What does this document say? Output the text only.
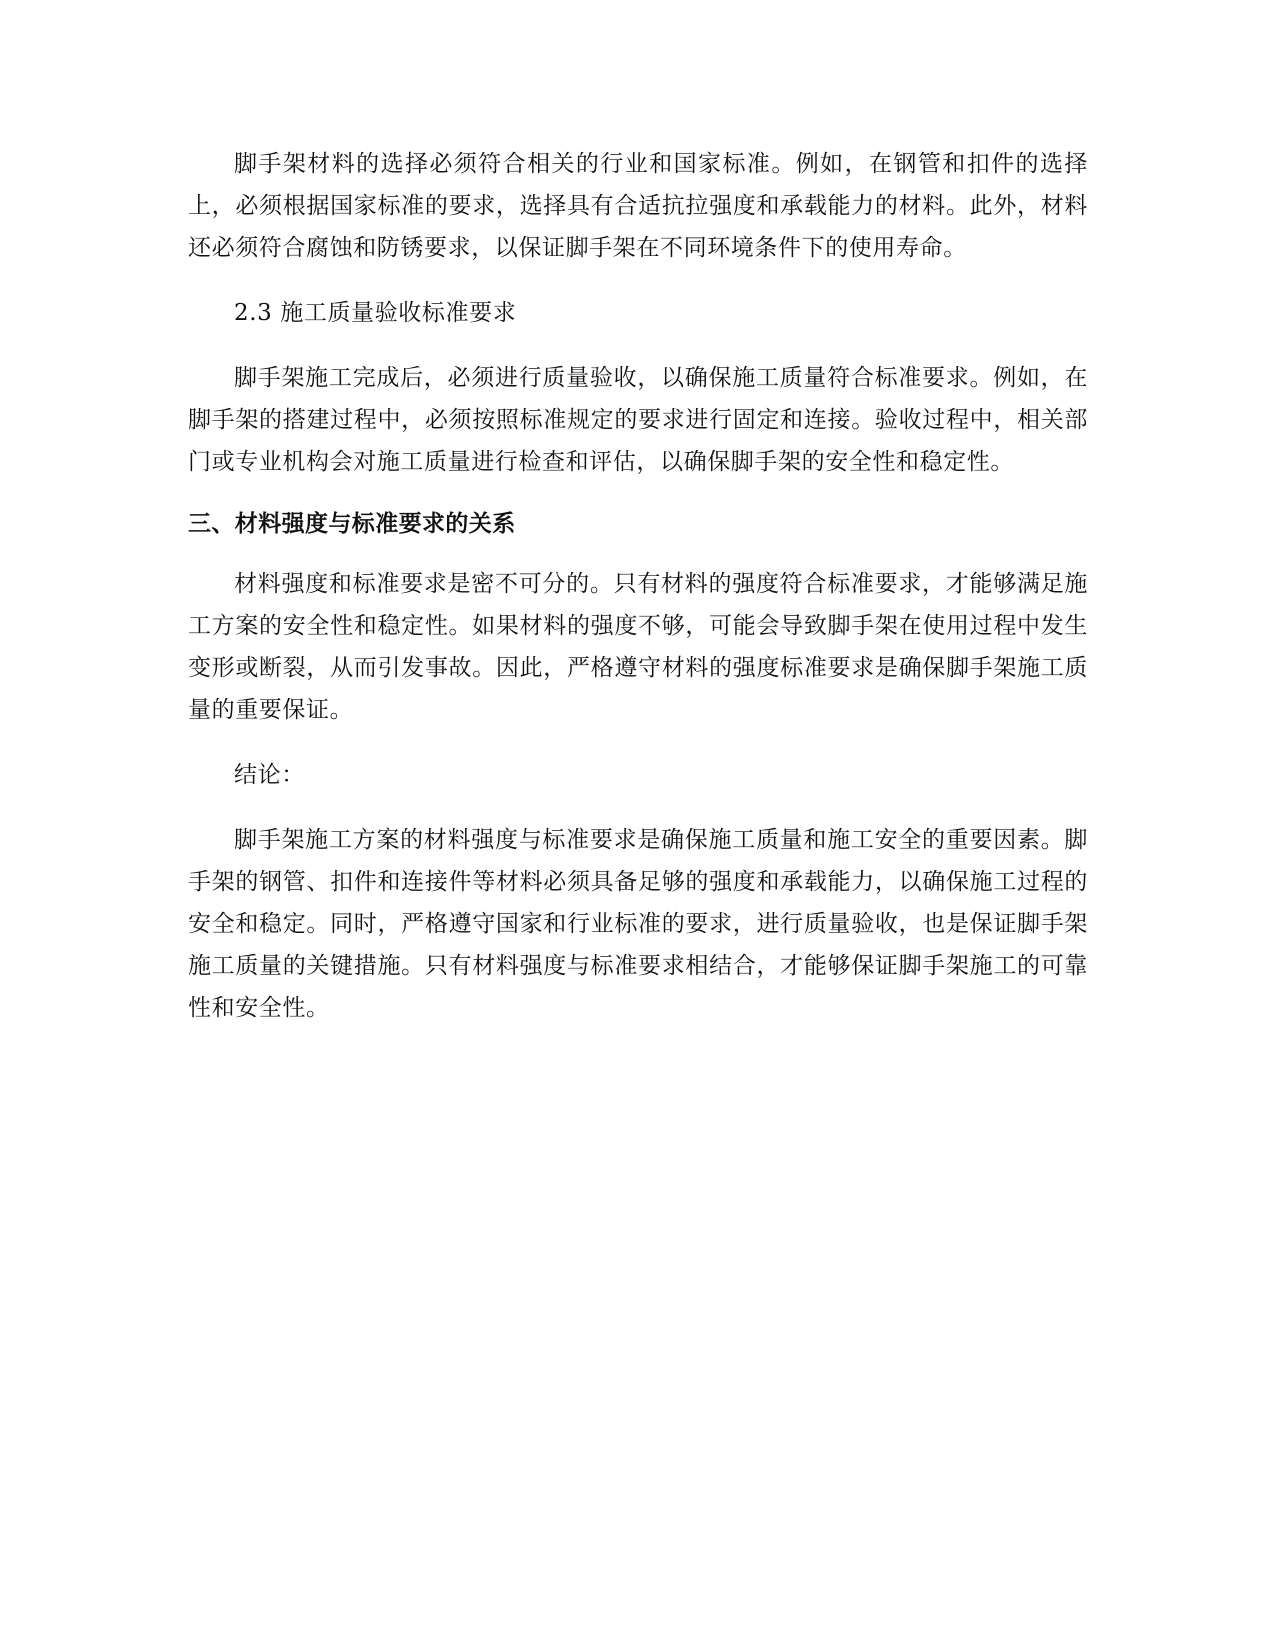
脚手架材料的选择必须符合相关的行业和国家标准。例如，在钢管和扣件的选择上，必须根据国家标准的要求，选择具有合适抗拉强度和承载能力的材料。此外，材料还必须符合腐蚀和防锈要求，以保证脚手架在不同环境条件下的使用寿命。

2.3 施工质量验收标准要求

脚手架施工完成后，必须进行质量验收，以确保施工质量符合标准要求。例如，在脚手架的搭建过程中，必须按照标准规定的要求进行固定和连接。验收过程中，相关部门或专业机构会对施工质量进行检查和评估，以确保脚手架的安全性和稳定性。

三、材料强度与标准要求的关系

材料强度和标准要求是密不可分的。只有材料的强度符合标准要求，才能够满足施工方案的安全性和稳定性。如果材料的强度不够，可能会导致脚手架在使用过程中发生变形或断裂，从而引发事故。因此，严格遵守材料的强度标准要求是确保脚手架施工质量的重要保证。

结论：

脚手架施工方案的材料强度与标准要求是确保施工质量和施工安全的重要因素。脚手架的钢管、扣件和连接件等材料必须具备足够的强度和承载能力，以确保施工过程的安全和稳定。同时，严格遵守国家和行业标准的要求，进行质量验收，也是保证脚手架施工质量的关键措施。只有材料强度与标准要求相结合，才能够保证脚手架施工的可靠性和安全性。
